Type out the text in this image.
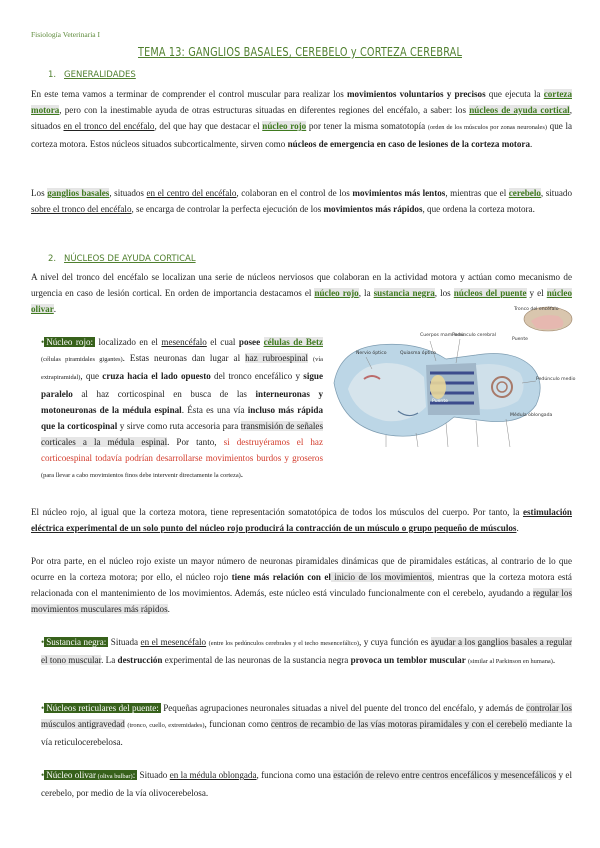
Fisiología Veterinaria I
TEMA 13: GANGLIOS BASALES, CEREBELO y CORTEZA CEREBRAL
1. GENERALIDADES
En este tema vamos a terminar de comprender el control muscular para realizar los movimientos voluntarios y precisos que ejecuta la corteza motora, pero con la inestimable ayuda de otras estructuras situadas en diferentes regiones del encéfalo, a saber: los núcleos de ayuda cortical, situados en el tronco del encéfalo, del que hay que destacar el núcleo rojo por tener la misma somatotopía (orden de los músculos por zonas neuronales) que la corteza motora. Estos núcleos situados subcorticalmente, sirven como núcleos de emergencia en caso de lesiones de la corteza motora.
Los ganglios basales, situados en el centro del encéfalo, colaboran en el control de los movimientos más lentos, mientras que el cerebelo, situado sobre el tronco del encéfalo, se encarga de controlar la perfecta ejecución de los movimientos más rápidos, que ordena la corteza motora.
2. NÚCLEOS DE AYUDA CORTICAL
A nivel del tronco del encéfalo se localizan una serie de núcleos nerviosos que colaboran en la actividad motora y actúan como mecanismo de urgencia en caso de lesión cortical. En orden de importancia destacamos el núcleo rojo, la sustancia negra, los núcleos del puente y el núcleo olivar.
• Núcleo rojo: localizado en el mesencéfalo el cual posee células de Betz (células piramidales gigantes). Estas neuronas dan lugar al haz rubroespinal (vía extrapiramidal), que cruza hacia el lado opuesto del tronco encefálico y sigue paralelo al haz corticospinal en busca de las interneuronas y motoneuronas de la médula espinal. Ésta es una vía incluso más rápida que la corticospinal y sirve como ruta accesoria para transmisión de señales corticales a la médula espinal. Por tanto, si destruyéramos el haz corticoespinal todavía podrían desarrollarse movimientos burdos y groseros (para llevar a cabo movimientos finos debe intervenir directamente la corteza).
Tronco del encéfalo
Cuerpos mamilares
Nervio óptico	Quiasma óptico
Pedúnculo cerebral
Puente
Pedúnculo medio
Puente
Médula oblongada
El núcleo rojo, al igual que la corteza motora, tiene representación somatotópica de todos los músculos del cuerpo. Por tanto, la estimulación eléctrica experimental de un solo punto del núcleo rojo producirá la contracción de un músculo o grupo pequeño de músculos.
Por otra parte, en el núcleo rojo existe un mayor número de neuronas piramidales dinámicas que de piramidales estáticas, al contrario de lo que ocurre en la corteza motora; por ello, el núcleo rojo tiene más relación con el inicio de los movimientos, mientras que la corteza motora está relacionada con el mantenimiento de los movimientos. Además, este núcleo está vinculado funcionalmente con el cerebelo, ayudando a regular los movimientos musculares más rápidos.
• Sustancia negra: Situada en el mesencéfalo (entre los pedúnculos cerebrales y el techo mesencefálico), y cuya función es ayudar a los ganglios basales a regular el tono muscular. La destrucción experimental de las neuronas de la sustancia negra provoca un temblor muscular (similar al Parkinson en humana).
• Núcleos reticulares del puente: Pequeñas agrupaciones neuronales situadas a nivel del puente del tronco del encéfalo, y además de controlar los músculos antigravedad (tronco, cuello, extremidades), funcionan como centros de recambio de las vías motoras piramidales y con el cerebelo mediante la vía reticulocerebelosa.
• Núcleo olivar (oliva bulbar): Situado en la médula oblongada, funciona como una estación de relevo entre centros encefálicos y mesencefálicos y el cerebelo, por medio de la vía olivocerebelosa.
